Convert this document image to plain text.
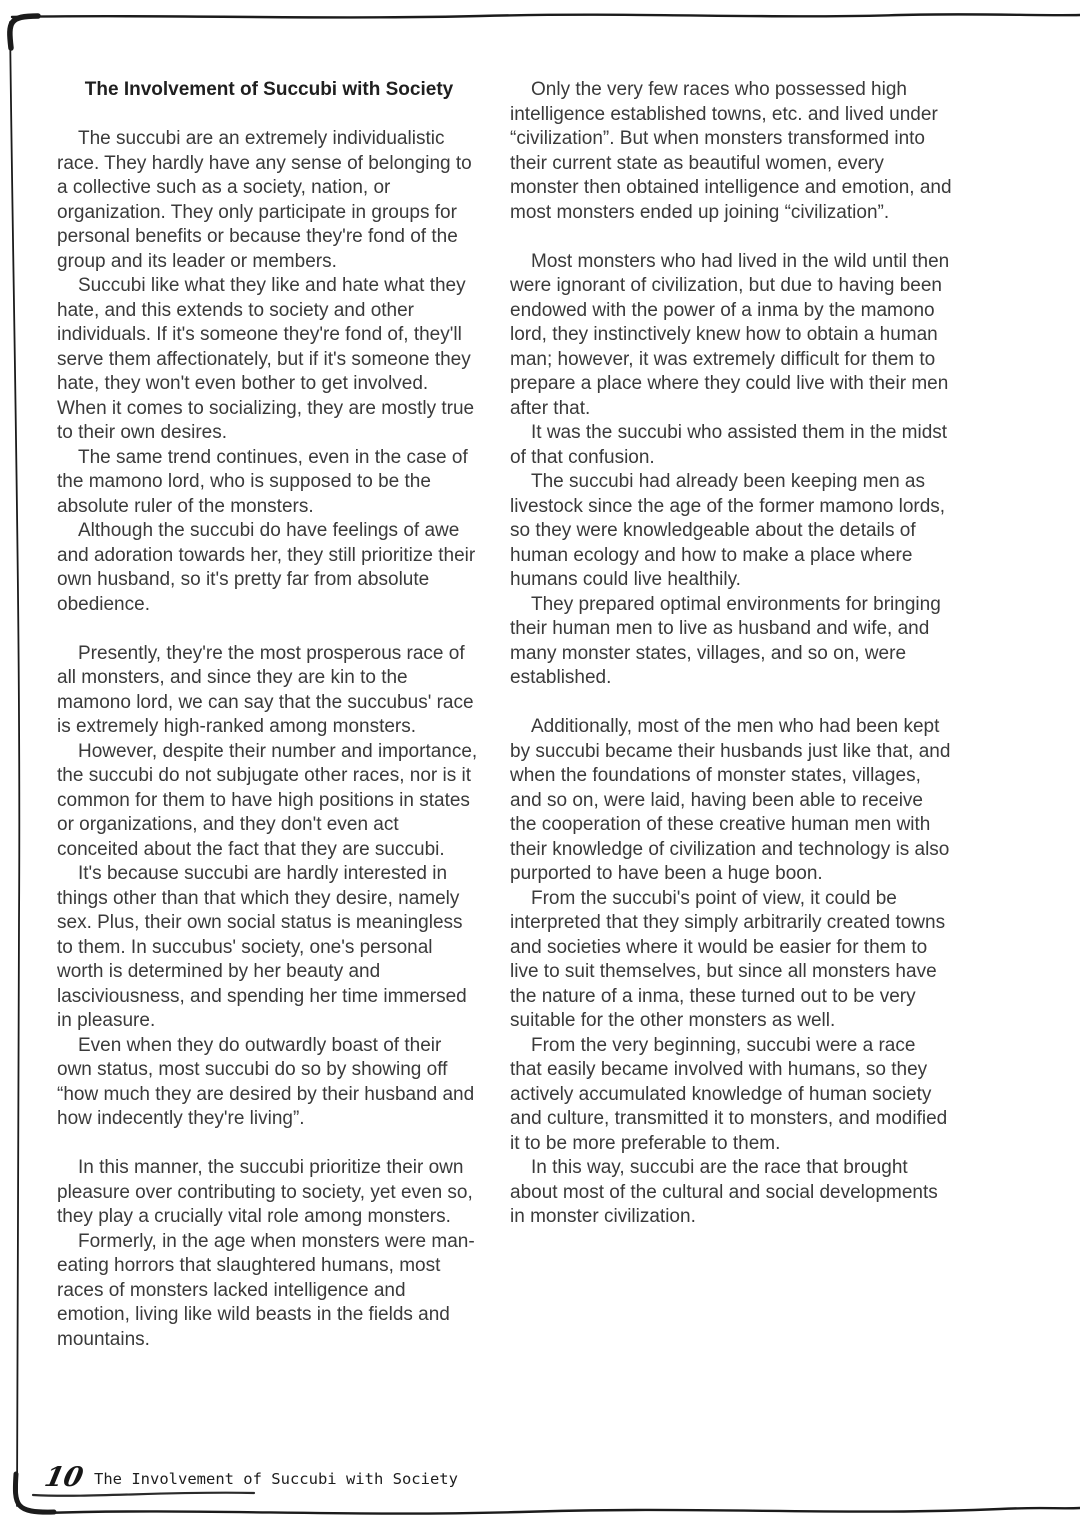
The Involvement of Succubi with Society

The succubi are an extremely individualistic race. They hardly have any sense of belonging to a collective such as a society, nation, or organization. They only participate in groups for personal benefits or because they're fond of the group and its leader or members.

Succubi like what they like and hate what they hate, and this extends to society and other individuals. If it's someone they're fond of, they'll serve them affectionately, but if it's someone they hate, they won't even bother to get involved. When it comes to socializing, they are mostly true to their own desires.

The same trend continues, even in the case of the mamono lord, who is supposed to be the absolute ruler of the monsters.

Although the succubi do have feelings of awe and adoration towards her, they still prioritize their own husband, so it's pretty far from absolute obedience.

Presently, they're the most prosperous race of all monsters, and since they are kin to the mamono lord, we can say that the succubus' race is extremely high-ranked among monsters.

However, despite their number and importance, the succubi do not subjugate other races, nor is it common for them to have high positions in states or organizations, and they don't even act conceited about the fact that they are succubi.

It's because succubi are hardly interested in things other than that which they desire, namely sex. Plus, their own social status is meaningless to them. In succubus' society, one's personal worth is determined by her beauty and lasciviousness, and spending her time immersed in pleasure.

Even when they do outwardly boast of their own status, most succubi do so by showing off “how much they are desired by their husband and how indecently they're living”.

In this manner, the succubi prioritize their own pleasure over contributing to society, yet even so, they play a crucially vital role among monsters.

Formerly, in the age when monsters were man-eating horrors that slaughtered humans, most races of monsters lacked intelligence and emotion, living like wild beasts in the fields and mountains.

Only the very few races who possessed high intelligence established towns, etc. and lived under “civilization”. But when monsters transformed into their current state as beautiful women, every monster then obtained intelligence and emotion, and most monsters ended up joining “civilization”.

Most monsters who had lived in the wild until then were ignorant of civilization, but due to having been endowed with the power of a inma by the mamono lord, they instinctively knew how to obtain a human man; however, it was extremely difficult for them to prepare a place where they could live with their men after that.

It was the succubi who assisted them in the midst of that confusion.

The succubi had already been keeping men as livestock since the age of the former mamono lords, so they were knowledgeable about the details of human ecology and how to make a place where humans could live healthily.

They prepared optimal environments for bringing their human men to live as husband and wife, and many monster states, villages, and so on, were established.

Additionally, most of the men who had been kept by succubi became their husbands just like that, and when the foundations of monster states, villages, and so on, were laid, having been able to receive the cooperation of these creative human men with their knowledge of civilization and technology is also purported to have been a huge boon.

From the succubi's point of view, it could be interpreted that they simply arbitrarily created towns and societies where it would be easier for them to live to suit themselves, but since all monsters have the nature of a inma, these turned out to be very suitable for the other monsters as well.

From the very beginning, succubi were a race that easily became involved with humans, so they actively accumulated knowledge of human society and culture, transmitted it to monsters, and modified it to be more preferable to them.

In this way, succubi are the race that brought about most of the cultural and social developments in monster civilization.

10 The Involvement of Succubi with Society
